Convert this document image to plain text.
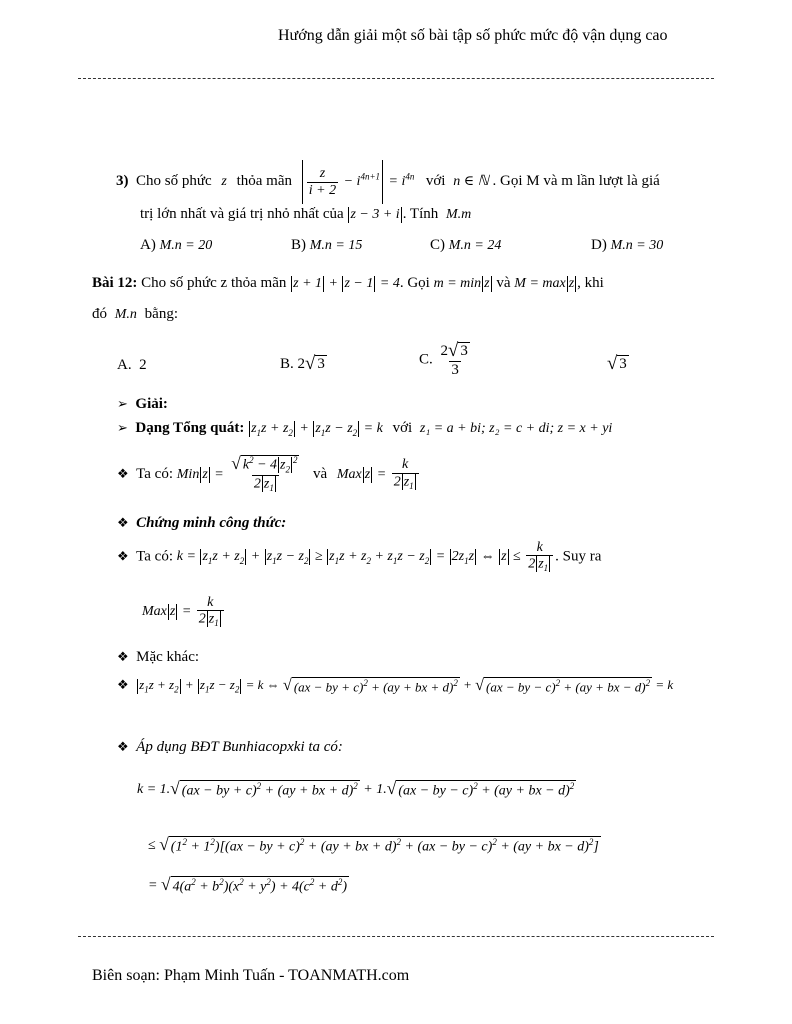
Hướng dẫn giải một số bài tập số phức mức độ vận dụng cao
3) Cho số phức z thỏa mãn $\frac{z}{i + 2} - i^{4n+1} = i^{4n}$ với n ∈ ℕ . Gọi M và m lần lượt là giá
trị lớn nhất và giá trị nhỏ nhất của z − 3 + i . Tính M.m
A) M.n = 20	B) M.n = 15	C) M.n = 24	D) M.n = 30
Bài 12: Cho số phức z thỏa mãn z + 1 + z − 1 = 4. Gọi m = min z và M = max z , khi
đó M.n bằng:
A. 2	B. 2 √ 3	C. $\frac{2 √ 3}{3}$	√ 3
➢ Giải:
➢ Dạng Tổng quát: $z_1z + z_2 + z_1z - z_2 = k$ với z₁ = a + bi; z₂ = c + di; z = x + yi
❖ Ta có: Min $z = \frac{√ k^2 - 4 z_2^2}{2 z_1}$ và Max $z = \frac{k}{2 z_1}$
❖ Chứng minh công thức:
❖ Ta có: $k = z_1z + z_2 + z_1z - z_2 \ge z_1z + z_2 + z_1z - z_2 = 2z_1z$ ⇔ $z \le \frac{k}{2 z_1}$ . Suy ra
Max $z = \frac{k}{2 z_1}$
❖ Mặc khác:
❖ $z_1z + z_2 + z_1z - z_2 = k$ ⇔ √ (ax − by + c)$^2$ + (ay + bx + d)$^2$ + √ (ax − by − c)$^2$ + (ay + bx − d)$^2$ = k
❖ Áp dụng BĐT Bunhiacopxki ta có:
k = 1. √ (ax − by + c)$^2$ + (ay + bx + d)$^2$ + 1. √ (ax − by − c)$^2$ + (ay + bx − d)$^2$
≤ √ $(1^2 + 1^2)[(ax$ − by + c)$^2$ + (ay + bx + d)$^2$ + (ax − by − c)$^2$ + (ay + bx − d)$^2$]
= √ $4(a^2 + b^2)(x^2 + y^2) + 4(c^2 + d^2)$
Biên soạn: Phạm Minh Tuấn - TOANMATH.com
